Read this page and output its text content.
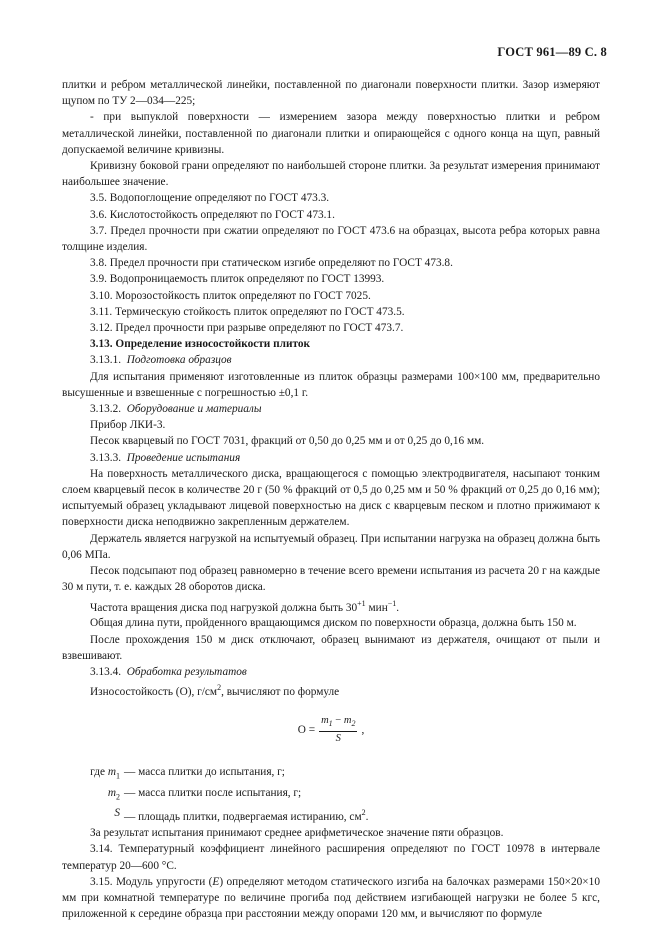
ГОСТ 961—89 С. 8

плитки и ребром металлической линейки, поставленной по диагонали поверхности плитки. Зазор измеряют щупом по ТУ 2—034—225;

- при выпуклой поверхности — измерением зазора между поверхностью плитки и ребром металлической линейки, поставленной по диагонали плитки и опирающейся с одного конца на щуп, равный допускаемой величине кривизны.

Кривизну боковой грани определяют по наибольшей стороне плитки. За результат измерения принимают наибольшее значение.

3.5. Водопоглощение определяют по ГОСТ 473.3.

3.6. Кислотостойкость определяют по ГОСТ 473.1.

3.7. Предел прочности при сжатии определяют по ГОСТ 473.6 на образцах, высота ребра которых равна толщине изделия.

3.8. Предел прочности при статическом изгибе определяют по ГОСТ 473.8.

3.9. Водопроницаемость плиток определяют по ГОСТ 13993.

3.10. Морозостойкость плиток определяют по ГОСТ 7025.

3.11. Термическую стойкость плиток определяют по ГОСТ 473.5.

3.12. Предел прочности при разрыве определяют по ГОСТ 473.7.

3.13. Определение износостойкости плиток

3.13.1. Подготовка образцов

Для испытания применяют изготовленные из плиток образцы размерами 100×100 мм, предварительно высушенные и взвешенные с погрешностью ±0,1 г.

3.13.2. Оборудование и материалы

Прибор ЛКИ-3.

Песок кварцевый по ГОСТ 7031, фракций от 0,50 до 0,25 мм и от 0,25 до 0,16 мм.

3.13.3. Проведение испытания

На поверхность металлического диска, вращающегося с помощью электродвигателя, насыпают тонким слоем кварцевый песок в количестве 20 г (50 % фракций от 0,5 до 0,25 мм и 50 % фракций от 0,25 до 0,16 мм); испытуемый образец укладывают лицевой поверхностью на диск с кварцевым песком и плотно прижимают к поверхности диска неподвижно закрепленным держателем.

Держатель является нагрузкой на испытуемый образец. При испытании нагрузка на образец должна быть 0,06 МПа.

Песок подсыпают под образец равномерно в течение всего времени испытания из расчета 20 г на каждые 30 м пути, т. е. каждых 28 оборотов диска.

Частота вращения диска под нагрузкой должна быть $30^{+1}$ мин$^{-1}$.

Общая длина пути, пройденного вращающимся диском по поверхности образца, должна быть 150 м.

После прохождения 150 м диск отключают, образец вынимают из держателя, очищают от пыли и взвешивают.

3.13.4. Обработка результатов

Износостойкость (О), $г/см^2$, вычисляют по формуле

$О = \frac{m_1 - m_2}{S}$ ,
где $m_1$ — масса плитки до испытания, г;
$m_2$ — масса плитки после испытания, г;
S — площадь плитки, подвергаемая истиранию, $см^2$.

За результат испытания принимают среднее арифметическое значение пяти образцов.

3.14. Температурный коэффициент линейного расширения определяют по ГОСТ 10978 в интервале температур 20—600 °С.

3.15. Модуль упругости (E) определяют методом статического изгиба на балочках размерами 150×20×10 мм при комнатной температуре по величине прогиба под действием изгибающей нагрузки не более 5 кгс, приложенной к середине образца при расстоянии между опорами 120 мм, и вычисляют по формуле
